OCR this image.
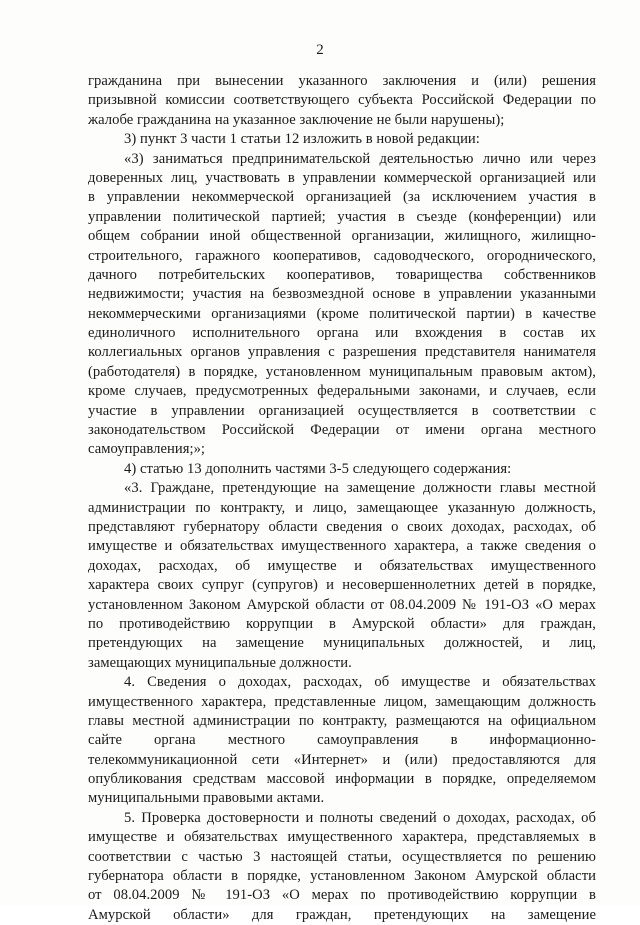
2
гражданина при вынесении указанного заключения и (или) решения
призывной комиссии соответствующего субъекта Российской Федерации по
жалобе гражданина на указанное заключение не были нарушены);
3) пункт 3 части 1 статьи 12 изложить в новой редакции:
«3) заниматься предпринимательской деятельностью лично или через
доверенных лиц, участвовать в управлении коммерческой организацией или
в управлении некоммерческой организацией (за исключением участия в
управлении политической партией; участия в съезде (конференции) или
общем собрании иной общественной организации, жилищного, жилищно-
строительного, гаражного кооперативов, садоводческого, огороднического,
дачного потребительских кооперативов, товарищества собственников
недвижимости; участия на безвозмездной основе в управлении указанными
некоммерческими организациями (кроме политической партии) в качестве
единоличного исполнительного органа или вхождения в состав их
коллегиальных органов управления с разрешения представителя нанимателя
(работодателя) в порядке, установленном муниципальным правовым актом),
кроме случаев, предусмотренных федеральными законами, и случаев, если
участие в управлении организацией осуществляется в соответствии с
законодательством Российской Федерации от имени органа местного
самоуправления;»;
4) статью 13 дополнить частями 3-5 следующего содержания:
«3. Граждане, претендующие на замещение должности главы местной
администрации по контракту, и лицо, замещающее указанную должность,
представляют губернатору области сведения о своих доходах, расходах, об
имуществе и обязательствах имущественного характера, а также сведения о
доходах, расходах, об имуществе и обязательствах имущественного
характера своих супруг (супругов) и несовершеннолетних детей в порядке,
установленном Законом Амурской области от 08.04.2009 № 191-ОЗ «О мерах
по противодействию коррупции в Амурской области» для граждан,
претендующих на замещение муниципальных должностей, и лиц,
замещающих муниципальные должности.
4. Сведения о доходах, расходах, об имуществе и обязательствах
имущественного характера, представленные лицом, замещающим должность
главы местной администрации по контракту, размещаются на официальном
сайте органа местного самоуправления в информационно-
телекоммуникационной сети «Интернет» и (или) предоставляются для
опубликования средствам массовой информации в порядке, определяемом
муниципальными правовыми актами.
5. Проверка достоверности и полноты сведений о доходах, расходах, об
имуществе и обязательствах имущественного характера, представляемых в
соответствии с частью 3 настоящей статьи, осуществляется по решению
губернатора области в порядке, установленном Законом Амурской области
от 08.04.2009 № 191-ОЗ «О мерах по противодействию коррупции в
Амурской области» для граждан, претендующих на замещение
